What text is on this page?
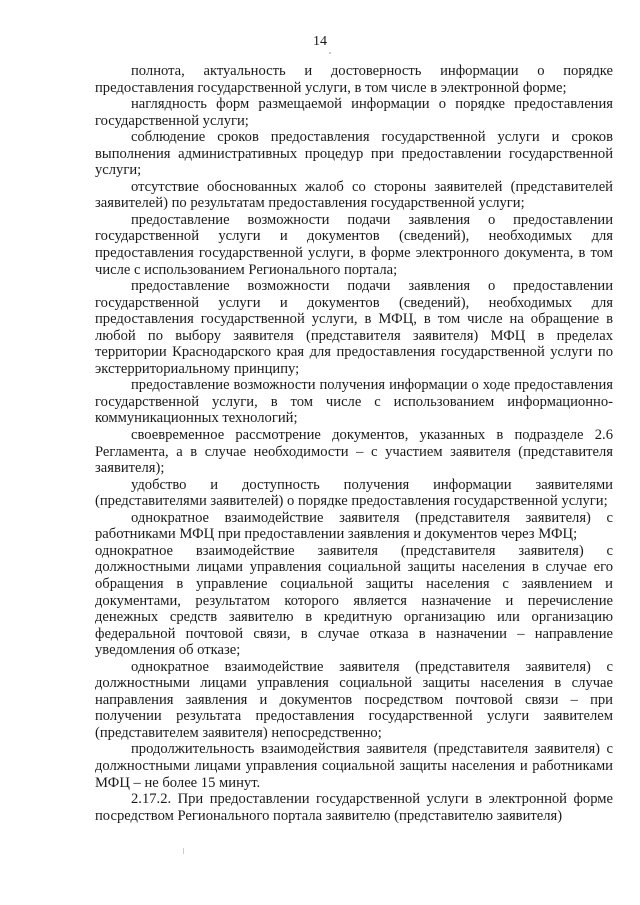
14

полнота, актуальность и достоверность информации о порядке предоставления государственной услуги, в том числе в электронной форме;

наглядность форм размещаемой информации о порядке предоставления государственной услуги;

соблюдение сроков предоставления государственной услуги и сроков выполнения административных процедур при предоставлении государственной услуги;

отсутствие обоснованных жалоб со стороны заявителей (представителей заявителей) по результатам предоставления государственной услуги;

предоставление возможности подачи заявления о предоставлении государственной услуги и документов (сведений), необходимых для предоставления государственной услуги, в форме электронного документа, в том числе с использованием Регионального портала;

предоставление возможности подачи заявления о предоставлении государственной услуги и документов (сведений), необходимых для предоставления государственной услуги, в МФЦ, в том числе на обращение в любой по выбору заявителя (представителя заявителя) МФЦ в пределах территории Краснодарского края для предоставления государственной услуги по экстерриториальному принципу;

предоставление возможности получения информации о ходе предоставления государственной услуги, в том числе с использованием информационно-коммуникационных технологий;

своевременное рассмотрение документов, указанных в подразделе 2.6 Регламента, а в случае необходимости – с участием заявителя (представителя заявителя);

удобство и доступность получения информации заявителями (представителями заявителей) о порядке предоставления государственной услуги;

однократное взаимодействие заявителя (представителя заявителя) с работниками МФЦ при предоставлении заявления и документов через МФЦ;

однократное взаимодействие заявителя (представителя заявителя) с должностными лицами управления социальной защиты населения в случае его обращения в управление социальной защиты населения с заявлением и документами, результатом которого является назначение и перечисление денежных средств заявителю в кредитную организацию или организацию федеральной почтовой связи, в случае отказа в назначении – направление уведомления об отказе;

однократное взаимодействие заявителя (представителя заявителя) с должностными лицами управления социальной защиты населения в случае направления заявления и документов посредством почтовой связи – при получении результата предоставления государственной услуги заявителем (представителем заявителя) непосредственно;

продолжительность взаимодействия заявителя (представителя заявителя) с должностными лицами управления социальной защиты населения и работниками МФЦ – не более 15 минут.

2.17.2. При предоставлении государственной услуги в электронной форме посредством Регионального портала заявителю (представителю заявителя)
